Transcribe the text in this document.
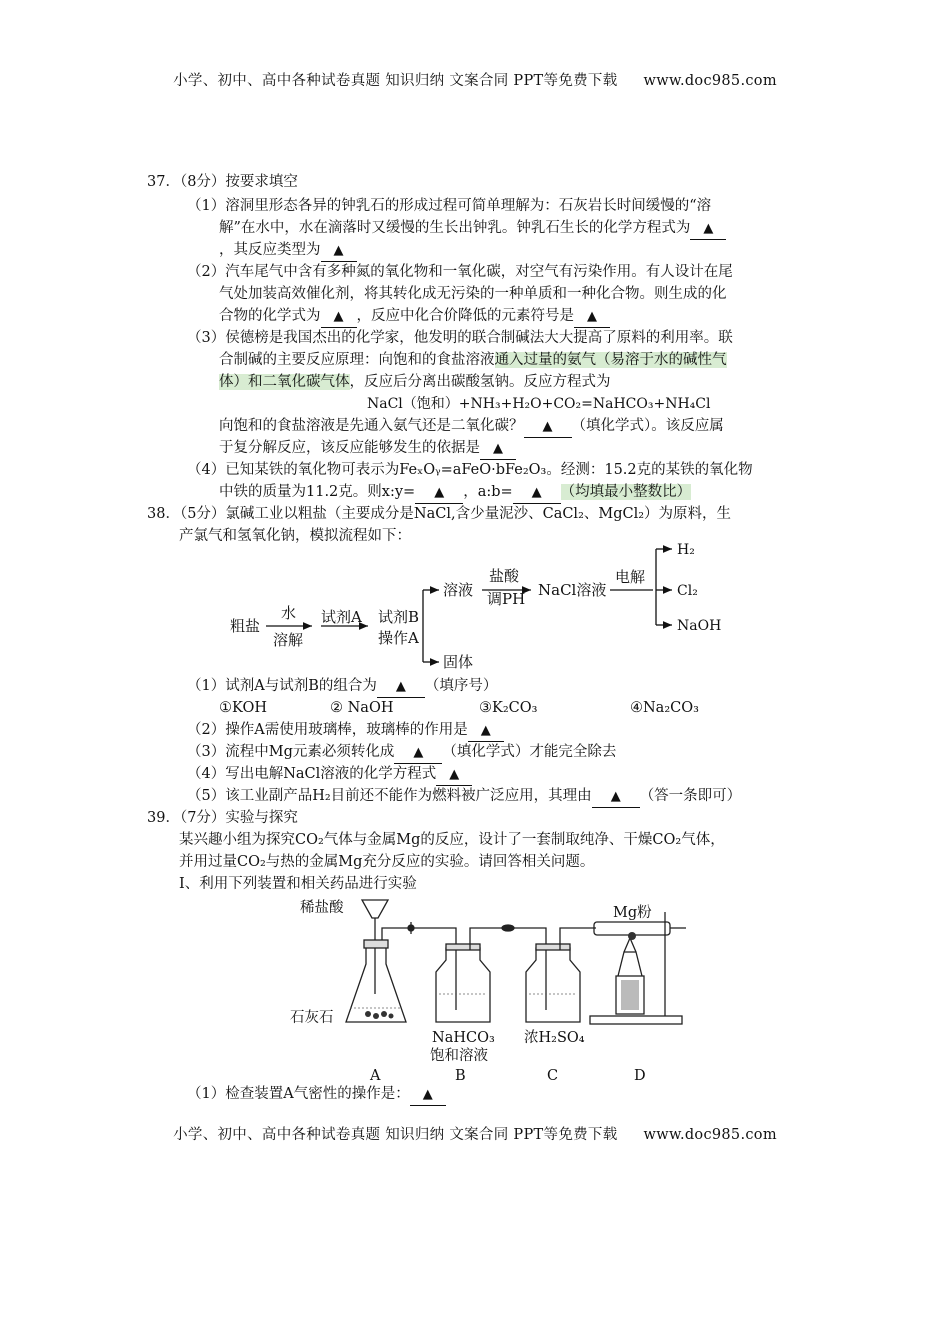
小学、初中、高中各种试卷真题 知识归纳 文案合同 PPT等免费下载 www.doc985.com
37．（8分）按要求填空
（1）溶洞里形态各异的钟乳石的形成过程可简单理解为：石灰岩长时间缓慢的“溶
解”在水中，水在滴落时又缓慢的生长出钟乳。钟乳石生长的化学方程式为 ▲
，其反应类型为 ▲
（2）汽车尾气中含有多种氮的氧化物和一氧化碳，对空气有污染作用。有人设计在尾
气处加装高效催化剂，将其转化成无污染的一种单质和一种化合物。则生成的化
合物的化学式为 ▲ ，反应中化合价降低的元素符号是 ▲
（3）侯德榜是我国杰出的化学家，他发明的联合制碱法大大提高了原料的利用率。联
合制碱的主要反应原理：向饱和的食盐溶液通入过量的氨气（易溶于水的碱性气
体）和二氧化碳气体，反应后分离出碳酸氢钠。反应方程式为
NaCl（饱和）+NH₃+H₂O+CO₂=NaHCO₃+NH₄Cl
向饱和的食盐溶液是先通入氨气还是二氧化碳？ ▲ （填化学式）。该反应属
于复分解反应，该反应能够发生的依据是 ▲
（4）已知某铁的氧化物可表示为FeₓOᵧ=aFeO·bFe₂O₃。经测：15.2克的某铁的氧化物
中铁的质量为11.2克。则x:y= ▲ ，a:b= ▲ （均填最小整数比）
38．（5分）氯碱工业以粗盐（主要成分是NaCl,含少量泥沙、CaCl₂、MgCl₂）为原料，生
产氯气和氢氧化钠，模拟流程如下：
粗盐
水
溶解
试剂A 试剂B
操作A
溶液
盐酸
调PH NaCl溶液
电解
固体
H₂
Cl₂
NaOH
（1）试剂A与试剂B的组合为 ▲ （填序号）
①KOH	② NaOH	③K₂CO₃	④Na₂CO₃
（2）操作A需使用玻璃棒，玻璃棒的作用是 ▲
（3）流程中Mg元素必须转化成 ▲ （填化学式）才能完全除去
（4）写出电解NaCl溶液的化学方程式 ▲
（5）该工业副产品H₂目前还不能作为燃料被广泛应用，其理由 ▲ （答一条即可）
39．（7分）实验与探究
某兴趣小组为探究CO₂气体与金属Mg的反应，设计了一套制取纯净、干燥CO₂气体，
并用过量CO₂与热的金属Mg充分反应的实验。请回答相关问题。
Ⅰ、利用下列装置和相关药品进行实验
稀盐酸
石灰石
Mg粉
NaHCO₃
饱和溶液
浓H₂SO₄
A	B	C	D
（1）检查装置A气密性的操作是： ▲
小学、初中、高中各种试卷真题 知识归纳 文案合同 PPT等免费下载 www.doc985.com
